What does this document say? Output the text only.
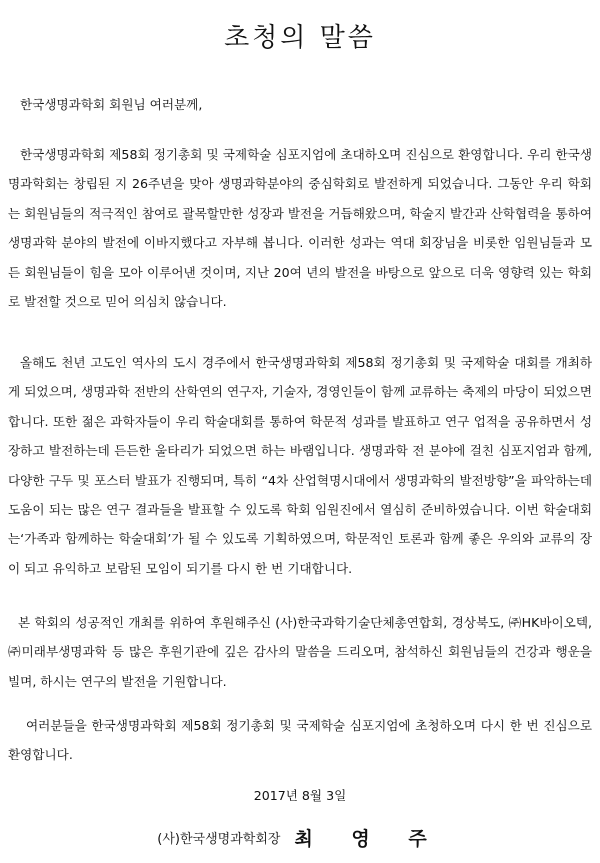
초청의 말씀
한국생명과학회 회원님 여러분께,

한국생명과학회 제58회 정기총회 및 국제학술 심포지엄에 초대하오며 진심으로 환영합니다. 우리 한국생명과학회는 창립된 지 26주년을 맞아 생명과학분야의 중심학회로 발전하게 되었습니다. 그동안 우리 학회는 회원님들의 적극적인 참여로 괄목할만한 성장과 발전을 거듭해왔으며, 학술지 발간과 산학협력을 통하여 생명과학 분야의 발전에 이바지했다고 자부해 봅니다. 이러한 성과는 역대 회장님을 비롯한 임원님들과 모든 회원님들이 힘을 모아 이루어낸 것이며, 지난 20여 년의 발전을 바탕으로 앞으로 더욱 영향력 있는 학회로 발전할 것으로 믿어 의심치 않습니다.

올해도 천년 고도인 역사의 도시 경주에서 한국생명과학회 제58회 정기총회 및 국제학술 대회를 개최하게 되었으며, 생명과학 전반의 산학연의 연구자, 기술자, 경영인들이 함께 교류하는 축제의 마당이 되었으면 합니다. 또한 젊은 과학자들이 우리 학술대회를 통하여 학문적 성과를 발표하고 연구 업적을 공유하면서 성장하고 발전하는데 든든한 울타리가 되었으면 하는 바램입니다. 생명과학 전 분야에 걸친 심포지엄과 함께, 다양한 구두 및 포스터 발표가 진행되며, 특히 “4차 산업혁명시대에서 생명과학의 발전방향”을 파악하는데 도움이 되는 많은 연구 결과들을 발표할 수 있도록 학회 임원진에서 열심히 준비하였습니다. 이번 학술대회는‘가족과 함께하는 학술대회’가 될 수 있도록 기획하였으며, 학문적인 토론과 함께 좋은 우의와 교류의 장이 되고 유익하고 보람된 모임이 되기를 다시 한 번 기대합니다.

본 학회의 성공적인 개최를 위하여 후원해주신 (사)한국과학기술단체총연합회, 경상북도, ㈜HK바이오텍, ㈜미래부생명과학 등 많은 후원기관에 깊은 감사의 말씀을 드리오며, 참석하신 회원님들의 건강과 행운을 빌며, 하시는 연구의 발전을 기원합니다.

여러분들을 한국생명과학회 제58회 정기총회 및 국제학술 심포지엄에 초청하오며 다시 한 번 진심으로 환영합니다.

2017년 8월 3일
(사)한국생명과학회장 최 영 주
